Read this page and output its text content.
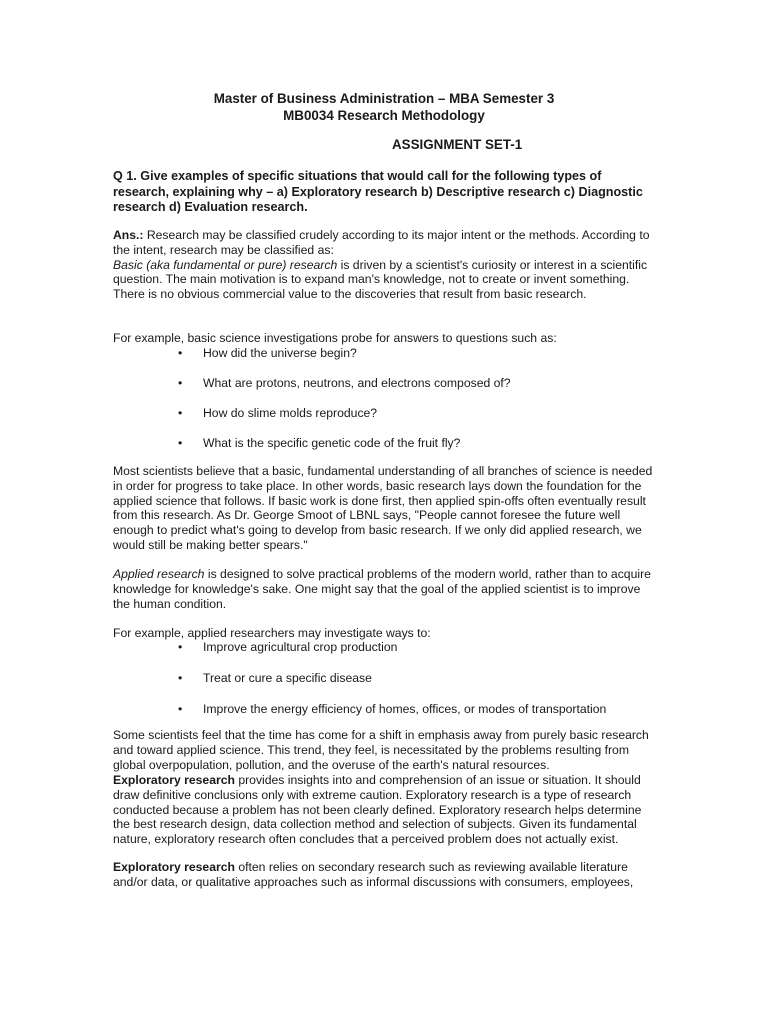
Master of Business Administration – MBA Semester 3
MB0034 Research Methodology
ASSIGNMENT SET-1
Q 1. Give examples of specific situations that would call for the following types of research, explaining why – a) Exploratory research b) Descriptive research c) Diagnostic research d) Evaluation research.
Ans.: Research may be classified crudely according to its major intent or the methods. According to the intent, research may be classified as:
Basic (aka fundamental or pure) research is driven by a scientist's curiosity or interest in a scientific question. The main motivation is to expand man's knowledge, not to create or invent something. There is no obvious commercial value to the discoveries that result from basic research.
For example, basic science investigations probe for answers to questions such as:
• How did the universe begin?
• What are protons, neutrons, and electrons composed of?
• How do slime molds reproduce?
• What is the specific genetic code of the fruit fly?
Most scientists believe that a basic, fundamental understanding of all branches of science is needed in order for progress to take place. In other words, basic research lays down the foundation for the applied science that follows. If basic work is done first, then applied spin-offs often eventually result from this research. As Dr. George Smoot of LBNL says, "People cannot foresee the future well enough to predict what's going to develop from basic research. If we only did applied research, we would still be making better spears."
Applied research is designed to solve practical problems of the modern world, rather than to acquire knowledge for knowledge's sake. One might say that the goal of the applied scientist is to improve the human condition.
For example, applied researchers may investigate ways to:
• Improve agricultural crop production
• Treat or cure a specific disease
• Improve the energy efficiency of homes, offices, or modes of transportation
Some scientists feel that the time has come for a shift in emphasis away from purely basic research and toward applied science. This trend, they feel, is necessitated by the problems resulting from global overpopulation, pollution, and the overuse of the earth's natural resources.
Exploratory research provides insights into and comprehension of an issue or situation. It should draw definitive conclusions only with extreme caution. Exploratory research is a type of research conducted because a problem has not been clearly defined. Exploratory research helps determine the best research design, data collection method and selection of subjects. Given its fundamental nature, exploratory research often concludes that a perceived problem does not actually exist.
Exploratory research often relies on secondary research such as reviewing available literature and/or data, or qualitative approaches such as informal discussions with consumers, employees,
